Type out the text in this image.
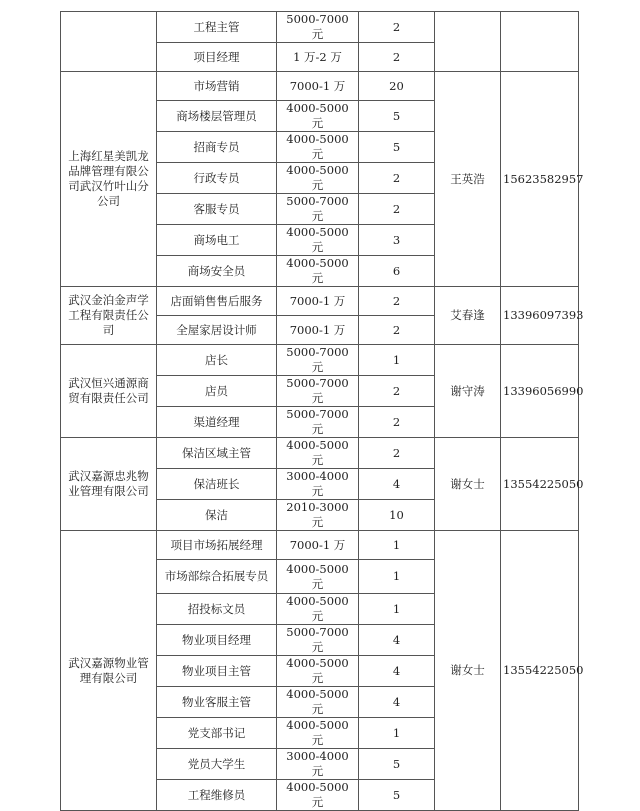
	工程主管	5000-7000 元	2		
	项目经理	1 万-2 万	2		
上海红星美凯龙品牌管理有限公司武汉竹叶山分公司	市场营销	7000-1 万	20	王英浩	15623582957
	商场楼层管理员	4000-5000 元	5		
	招商专员	4000-5000 元	5		
	行政专员	4000-5000 元	2		
	客服专员	5000-7000 元	2		
	商场电工	4000-5000 元	3		
	商场安全员	4000-5000 元	6		
武汉金泊金声学工程有限责任公司	店面销售售后服务	7000-1 万	2	艾春逢	13396097393
	全屋家居设计师	7000-1 万	2		
武汉恒兴通源商贸有限责任公司	店长	5000-7000 元	1	谢守涛	13396056990
	店员	5000-7000 元	2		
	渠道经理	5000-7000 元	2		
武汉嘉源忠兆物业管理有限公司	保洁区域主管	4000-5000 元	2	谢女士	13554225050
	保洁班长	3000-4000 元	4		
	保洁	2010-3000 元	10		
武汉嘉源物业管理有限公司	项目市场拓展经理	7000-1 万	1	谢女士	13554225050
	市场部综合拓展专员	4000-5000 元	1		
	招投标文员	4000-5000 元	1		
	物业项目经理	5000-7000 元	4		
	物业项目主管	4000-5000 元	4		
	物业客服主管	4000-5000 元	4		
	党支部书记	4000-5000 元	1		
	党员大学生	3000-4000 元	5		
	工程维修员	4000-5000 元	5		
